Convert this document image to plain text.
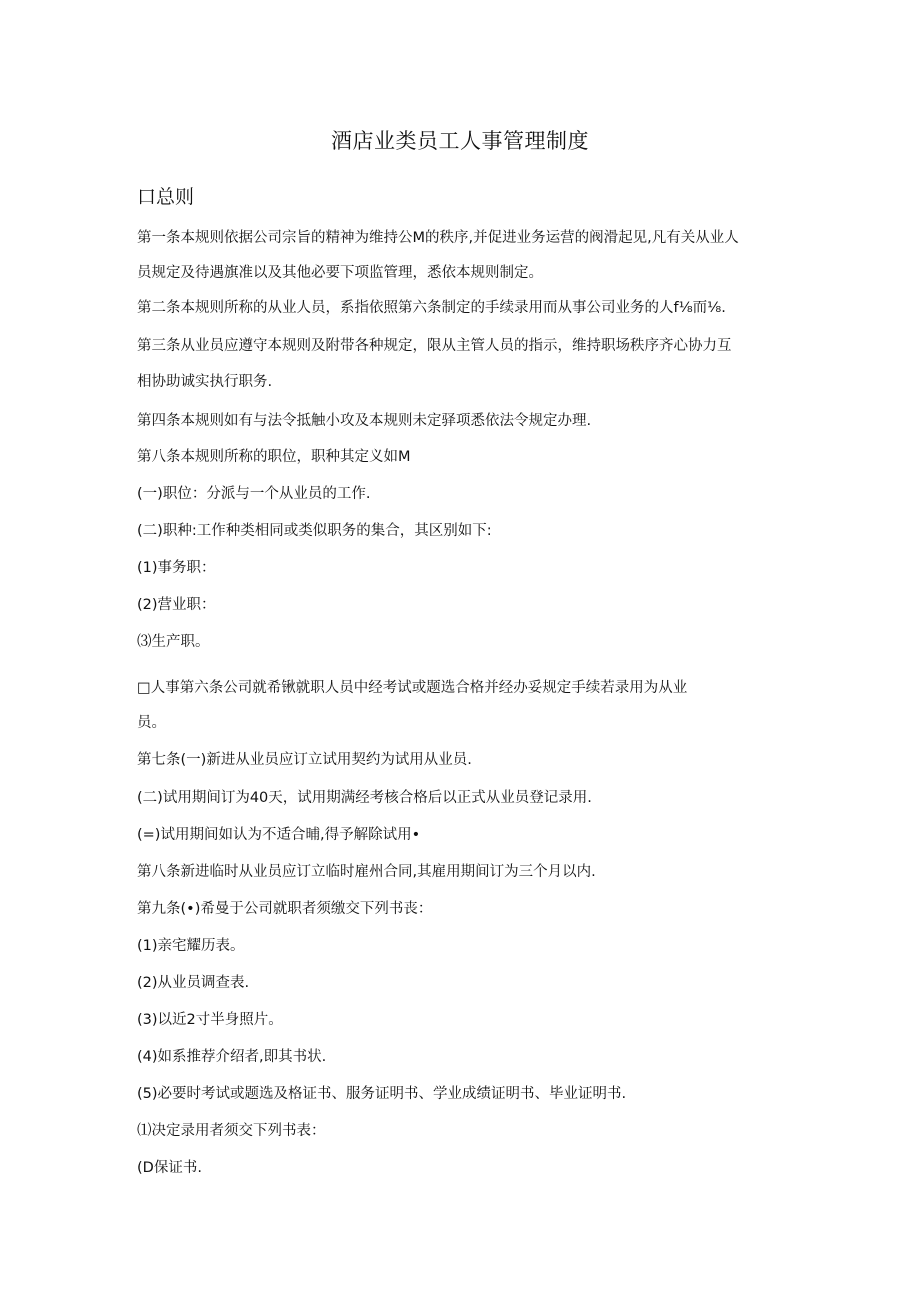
酒店业类员工人事管理制度
口总则
第一条本规则依据公司宗旨的精神为维持公M的秩序,并促进业务运营的阀滑起见,凡有关从业人
员规定及待遇旗准以及其他必要下项监管理，悉依本规则制定。
第二条本规则所称的从业人员，系指依照第六条制定的手续录用而从事公司业务的人f⅛而⅛.
第三条从业员应遵守本规则及附带各种规定，限从主管人员的指示，维持职场秩序齐心协力互
相协助诚实执行职务.
第四条本规则如有与法令抵触小攻及本规则未定驿项悉依法令规定办理.
第八条本规则所称的职位，职种其定义如M
(一)职位：分派与一个从业员的工作.
(二)职种:工作种类相同或类似职务的集合，其区别如下:
(1)事务职：
(2)营业职：
⑶生产职。
□人事第六条公司就希锹就职人员中经考试或题选合格并经办妥规定手续若录用为从业
员。
第七条(一)新进从业员应订立试用契约为试用从业员.
(二)试用期间订为40天，试用期满经考核合格后以正式从业员登记录用.
(=)试用期间如认为不适合晡,得予解除试用•
第八条新进临时从业员应订立临时雇州合同,其雇用期间订为三个月以内.
第九条(•)希曼于公司就职者须缴交下列书丧：
(1)亲宅耀历表。
(2)从业员调查表.
(3)以近2寸半身照片。
(4)如系推荐介绍者,即其书状.
(5)必要时考试或题选及格证书、服务证明书、学业成绩证明书、毕业证明书.
⑴决定录用者须交下列书表：
(D保证书.
